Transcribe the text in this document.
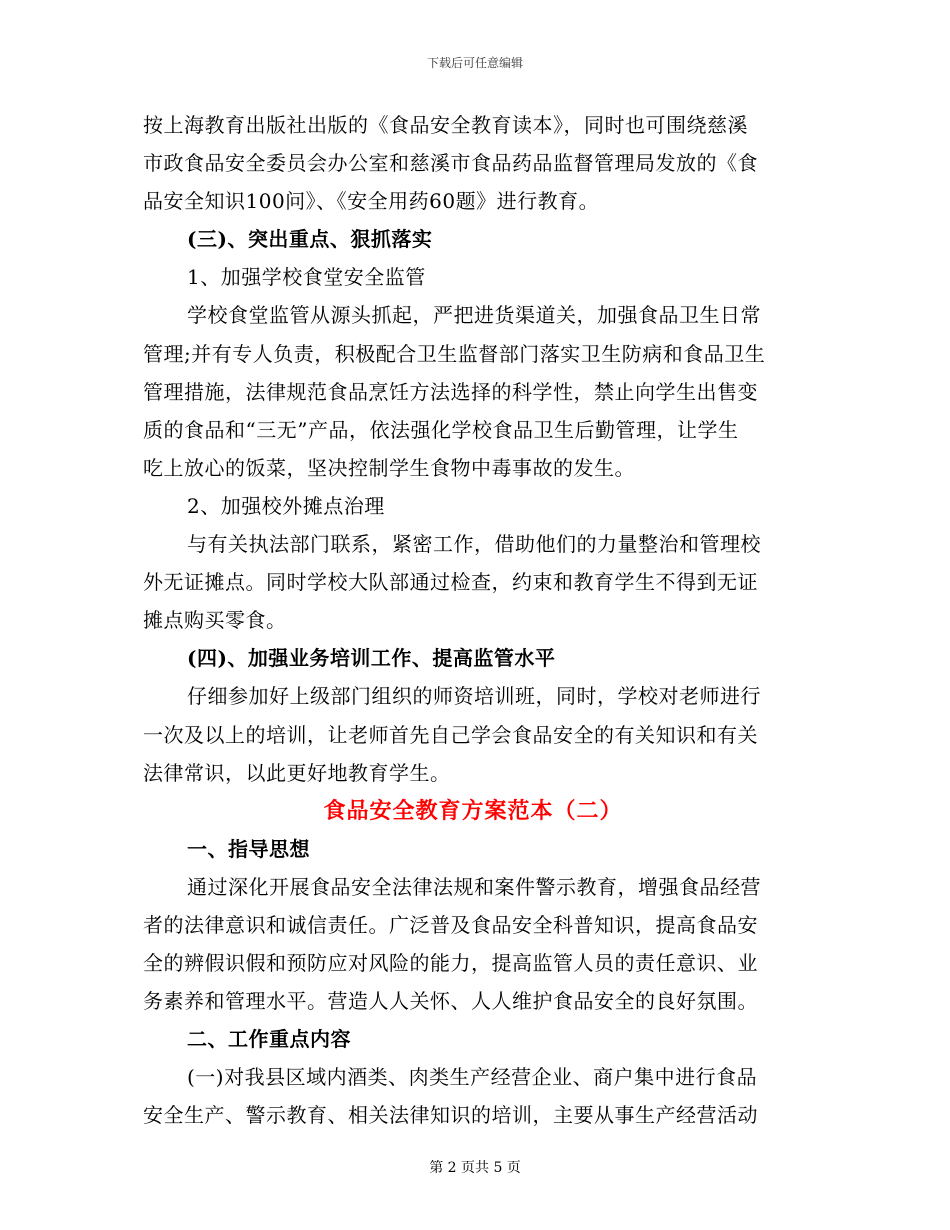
下载后可任意编辑
按上海教育出版社出版的《食品安全教育读本》，同时也可围绕慈溪
市政食品安全委员会办公室和慈溪市食品药品监督管理局发放的《食
品安全知识100问》、《安全用药60题》进行教育。
(三)、突出重点、狠抓落实
1、加强学校食堂安全监管
学校食堂监管从源头抓起，严把进货渠道关，加强食品卫生日常
管理;并有专人负责，积极配合卫生监督部门落实卫生防病和食品卫生
管理措施，法律规范食品烹饪方法选择的科学性，禁止向学生出售变
质的食品和“三无”产品，依法强化学校食品卫生后勤管理，让学生
吃上放心的饭菜，坚决控制学生食物中毒事故的发生。
2、加强校外摊点治理
与有关执法部门联系，紧密工作，借助他们的力量整治和管理校
外无证摊点。同时学校大队部通过检查，约束和教育学生不得到无证
摊点购买零食。
(四)、加强业务培训工作、提高监管水平
仔细参加好上级部门组织的师资培训班，同时，学校对老师进行
一次及以上的培训，让老师首先自己学会食品安全的有关知识和有关
法律常识，以此更好地教育学生。
食品安全教育方案范本（二）
一、指导思想
通过深化开展食品安全法律法规和案件警示教育，增强食品经营
者的法律意识和诚信责任。广泛普及食品安全科普知识，提高食品安
全的辨假识假和预防应对风险的能力，提高监管人员的责任意识、业
务素养和管理水平。营造人人关怀、人人维护食品安全的良好氛围。
二、工作重点内容
(一)对我县区域内酒类、肉类生产经营企业、商户集中进行食品
安全生产、警示教育、相关法律知识的培训，主要从事生产经营活动
第 2 页共 5 页
